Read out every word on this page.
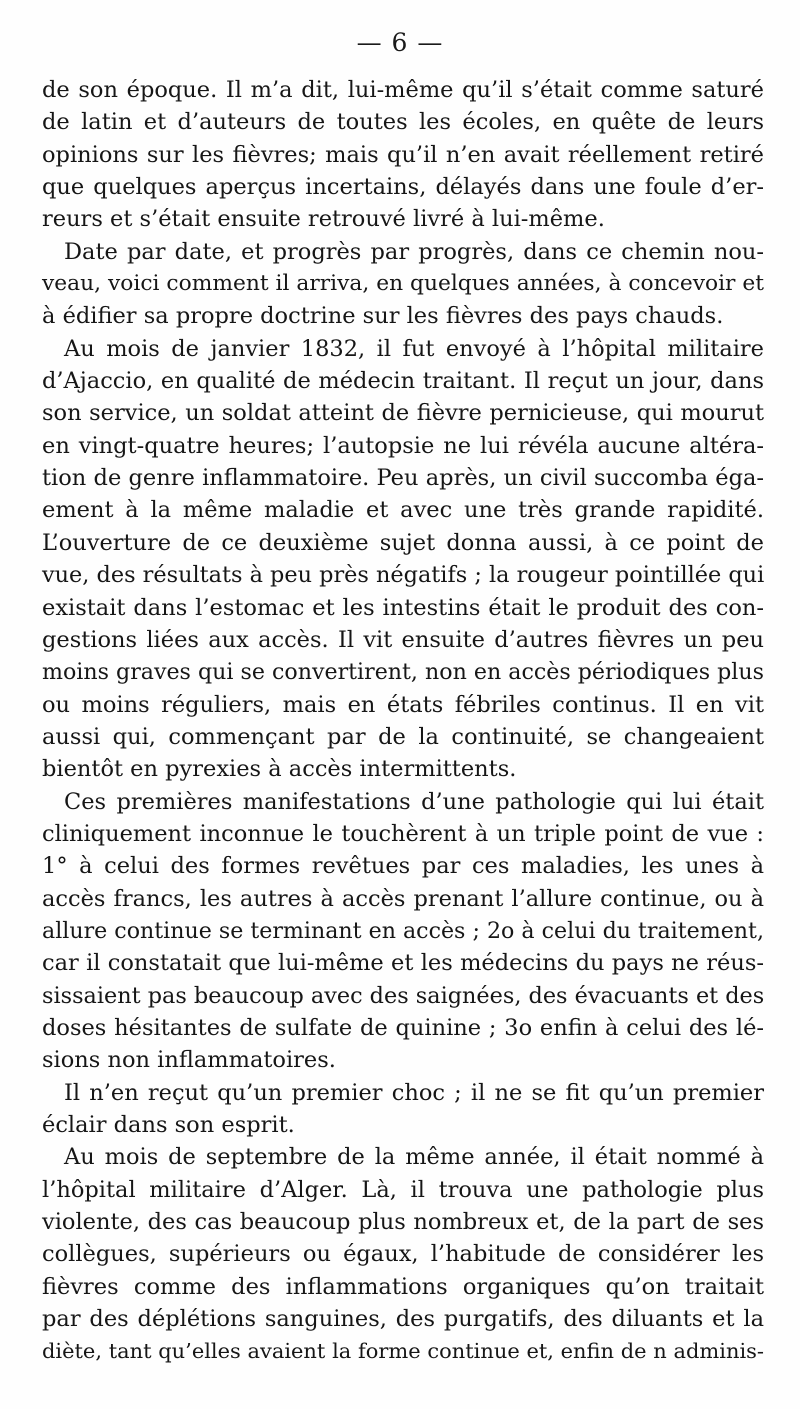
— 6 —
de son époque. Il m’a dit, lui-même qu’il s’était comme saturé
de latin et d’auteurs de toutes les écoles, en quête de leurs
opinions sur les fièvres; mais qu’il n’en avait réellement retiré
que quelques aperçus incertains, délayés dans une foule d’er-
reurs et s’était ensuite retrouvé livré à lui-même.
Date par date, et progrès par progrès, dans ce chemin nou-
veau, voici comment il arriva, en quelques années, à concevoir et
à édifier sa propre doctrine sur les fièvres des pays chauds.
Au mois de janvier 1832, il fut envoyé à l’hôpital militaire
d’Ajaccio, en qualité de médecin traitant. Il reçut un jour, dans
son service, un soldat atteint de fièvre pernicieuse, qui mourut
en vingt-quatre heures; l’autopsie ne lui révéla aucune altéra-
tion de genre inflammatoire. Peu après, un civil succomba éga-
ement à la même maladie et avec une très grande rapidité.
L’ouverture de ce deuxième sujet donna aussi, à ce point de
vue, des résultats à peu près négatifs ; la rougeur pointillée qui
existait dans l’estomac et les intestins était le produit des con-
gestions liées aux accès. Il vit ensuite d’autres fièvres un peu
moins graves qui se convertirent, non en accès périodiques plus
ou moins réguliers, mais en états fébriles continus. Il en vit
aussi qui, commençant par de la continuité, se changeaient
bientôt en pyrexies à accès intermittents.
Ces premières manifestations d’une pathologie qui lui était
cliniquement inconnue le touchèrent à un triple point de vue :
1° à celui des formes revêtues par ces maladies, les unes à
accès francs, les autres à accès prenant l’allure continue, ou à
allure continue se terminant en accès ; 2o à celui du traitement,
car il constatait que lui-même et les médecins du pays ne réus-
sissaient pas beaucoup avec des saignées, des évacuants et des
doses hésitantes de sulfate de quinine ; 3o enfin à celui des lé-
sions non inflammatoires.
Il n’en reçut qu’un premier choc ; il ne se fit qu’un premier
éclair dans son esprit.
Au mois de septembre de la même année, il était nommé à
l’hôpital militaire d’Alger. Là, il trouva une pathologie plus
violente, des cas beaucoup plus nombreux et, de la part de ses
collègues, supérieurs ou égaux, l’habitude de considérer les
fièvres comme des inflammations organiques qu’on traitait
par des déplétions sanguines, des purgatifs, des diluants et la
diète, tant qu’elles avaient la forme continue et, enfin de n adminis-
